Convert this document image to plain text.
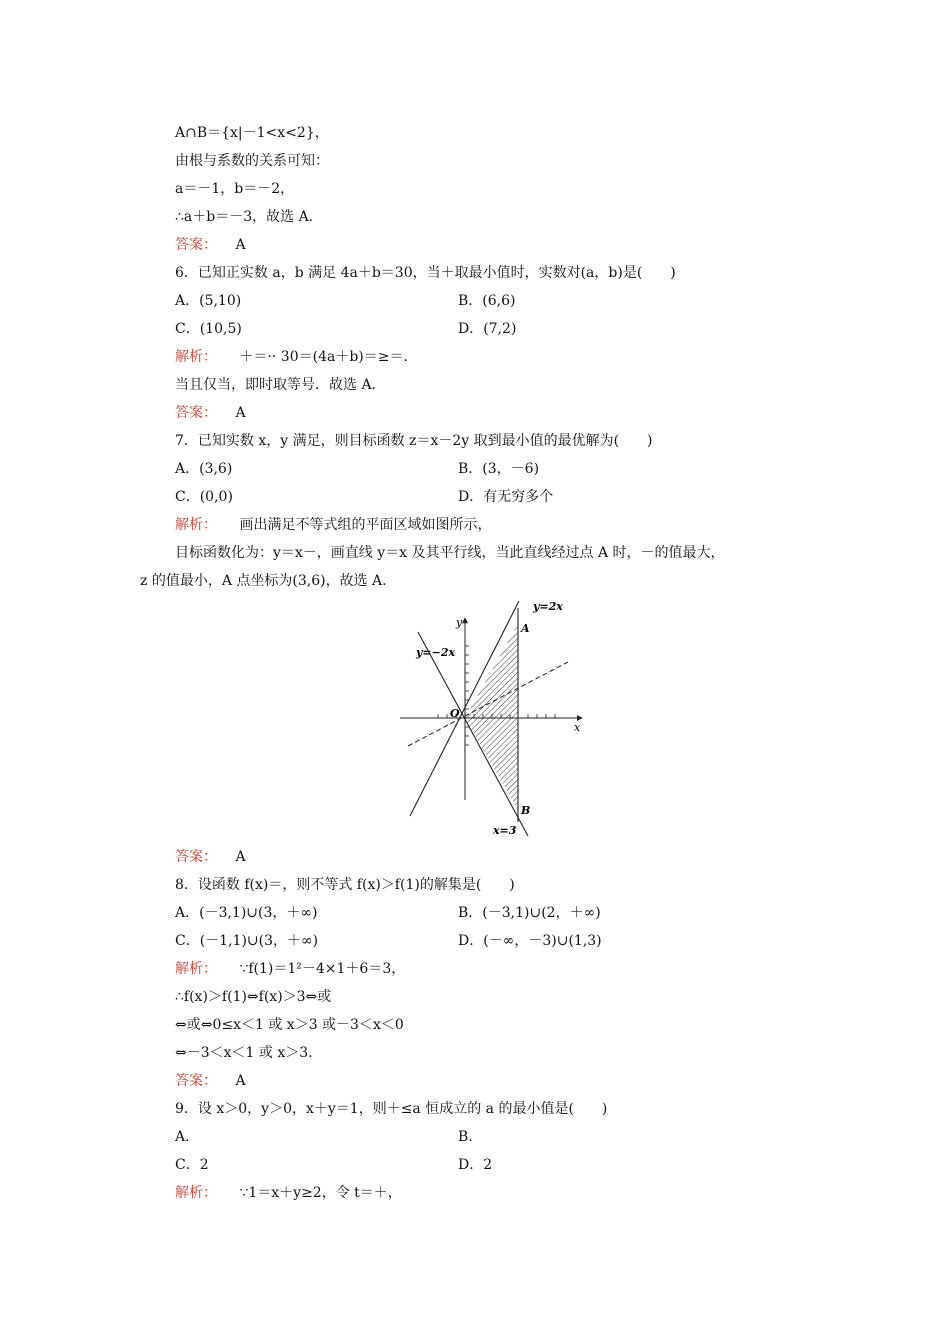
A∩B＝{x|－1<x<2}，
由根与系数的关系可知：
a＝－1，b＝－2，
∴a＋b＝－3，故选 A.
答案： A
6．已知正实数 a，b 满足 4a＋b＝30，当＋取最小值时，实数对(a，b)是(　　)
A．(5,10)	B．(6,6)
C．(10,5)	D．(7,2)
解析： ＋＝·· 30＝(4a＋b)＝≥＝.
当且仅当，即时取等号．故选 A.
答案： A
7．已知实数 x，y 满足，则目标函数 z＝x－2y 取到最小值的最优解为(　　)
A．(3,6)	B．(3，－6)
C．(0,0)	D．有无穷多个
解析： 画出满足不等式组的平面区域如图所示，
目标函数化为：y＝x－，画直线 y＝x 及其平行线，当此直线经过点 A 时，－的值最大，
z 的值最小，A 点坐标为(3,6)，故选 A.
y=2x
y=−2x
x=3
A
B
O
x
y
答案： A
8．设函数 f(x)＝，则不等式 f(x)＞f(1)的解集是(　　)
A．(－3,1)∪(3，＋∞)	B．(－3,1)∪(2，＋∞)
C．(－1,1)∪(3，＋∞)	D．(－∞，－3)∪(1,3)
解析： ∵f(1)＝1²－4×1＋6＝3，
∴f(x)＞f(1)⇔f(x)＞3⇔或
⇔或⇔0≤x＜1 或 x＞3 或－3＜x＜0
⇔－3＜x＜1 或 x＞3.
答案： A
9．设 x＞0，y＞0，x＋y＝1，则＋≤a 恒成立的 a 的最小值是(　　)
A.	B.
C．2	D．2
解析： ∵1＝x＋y≥2，令 t＝＋，
